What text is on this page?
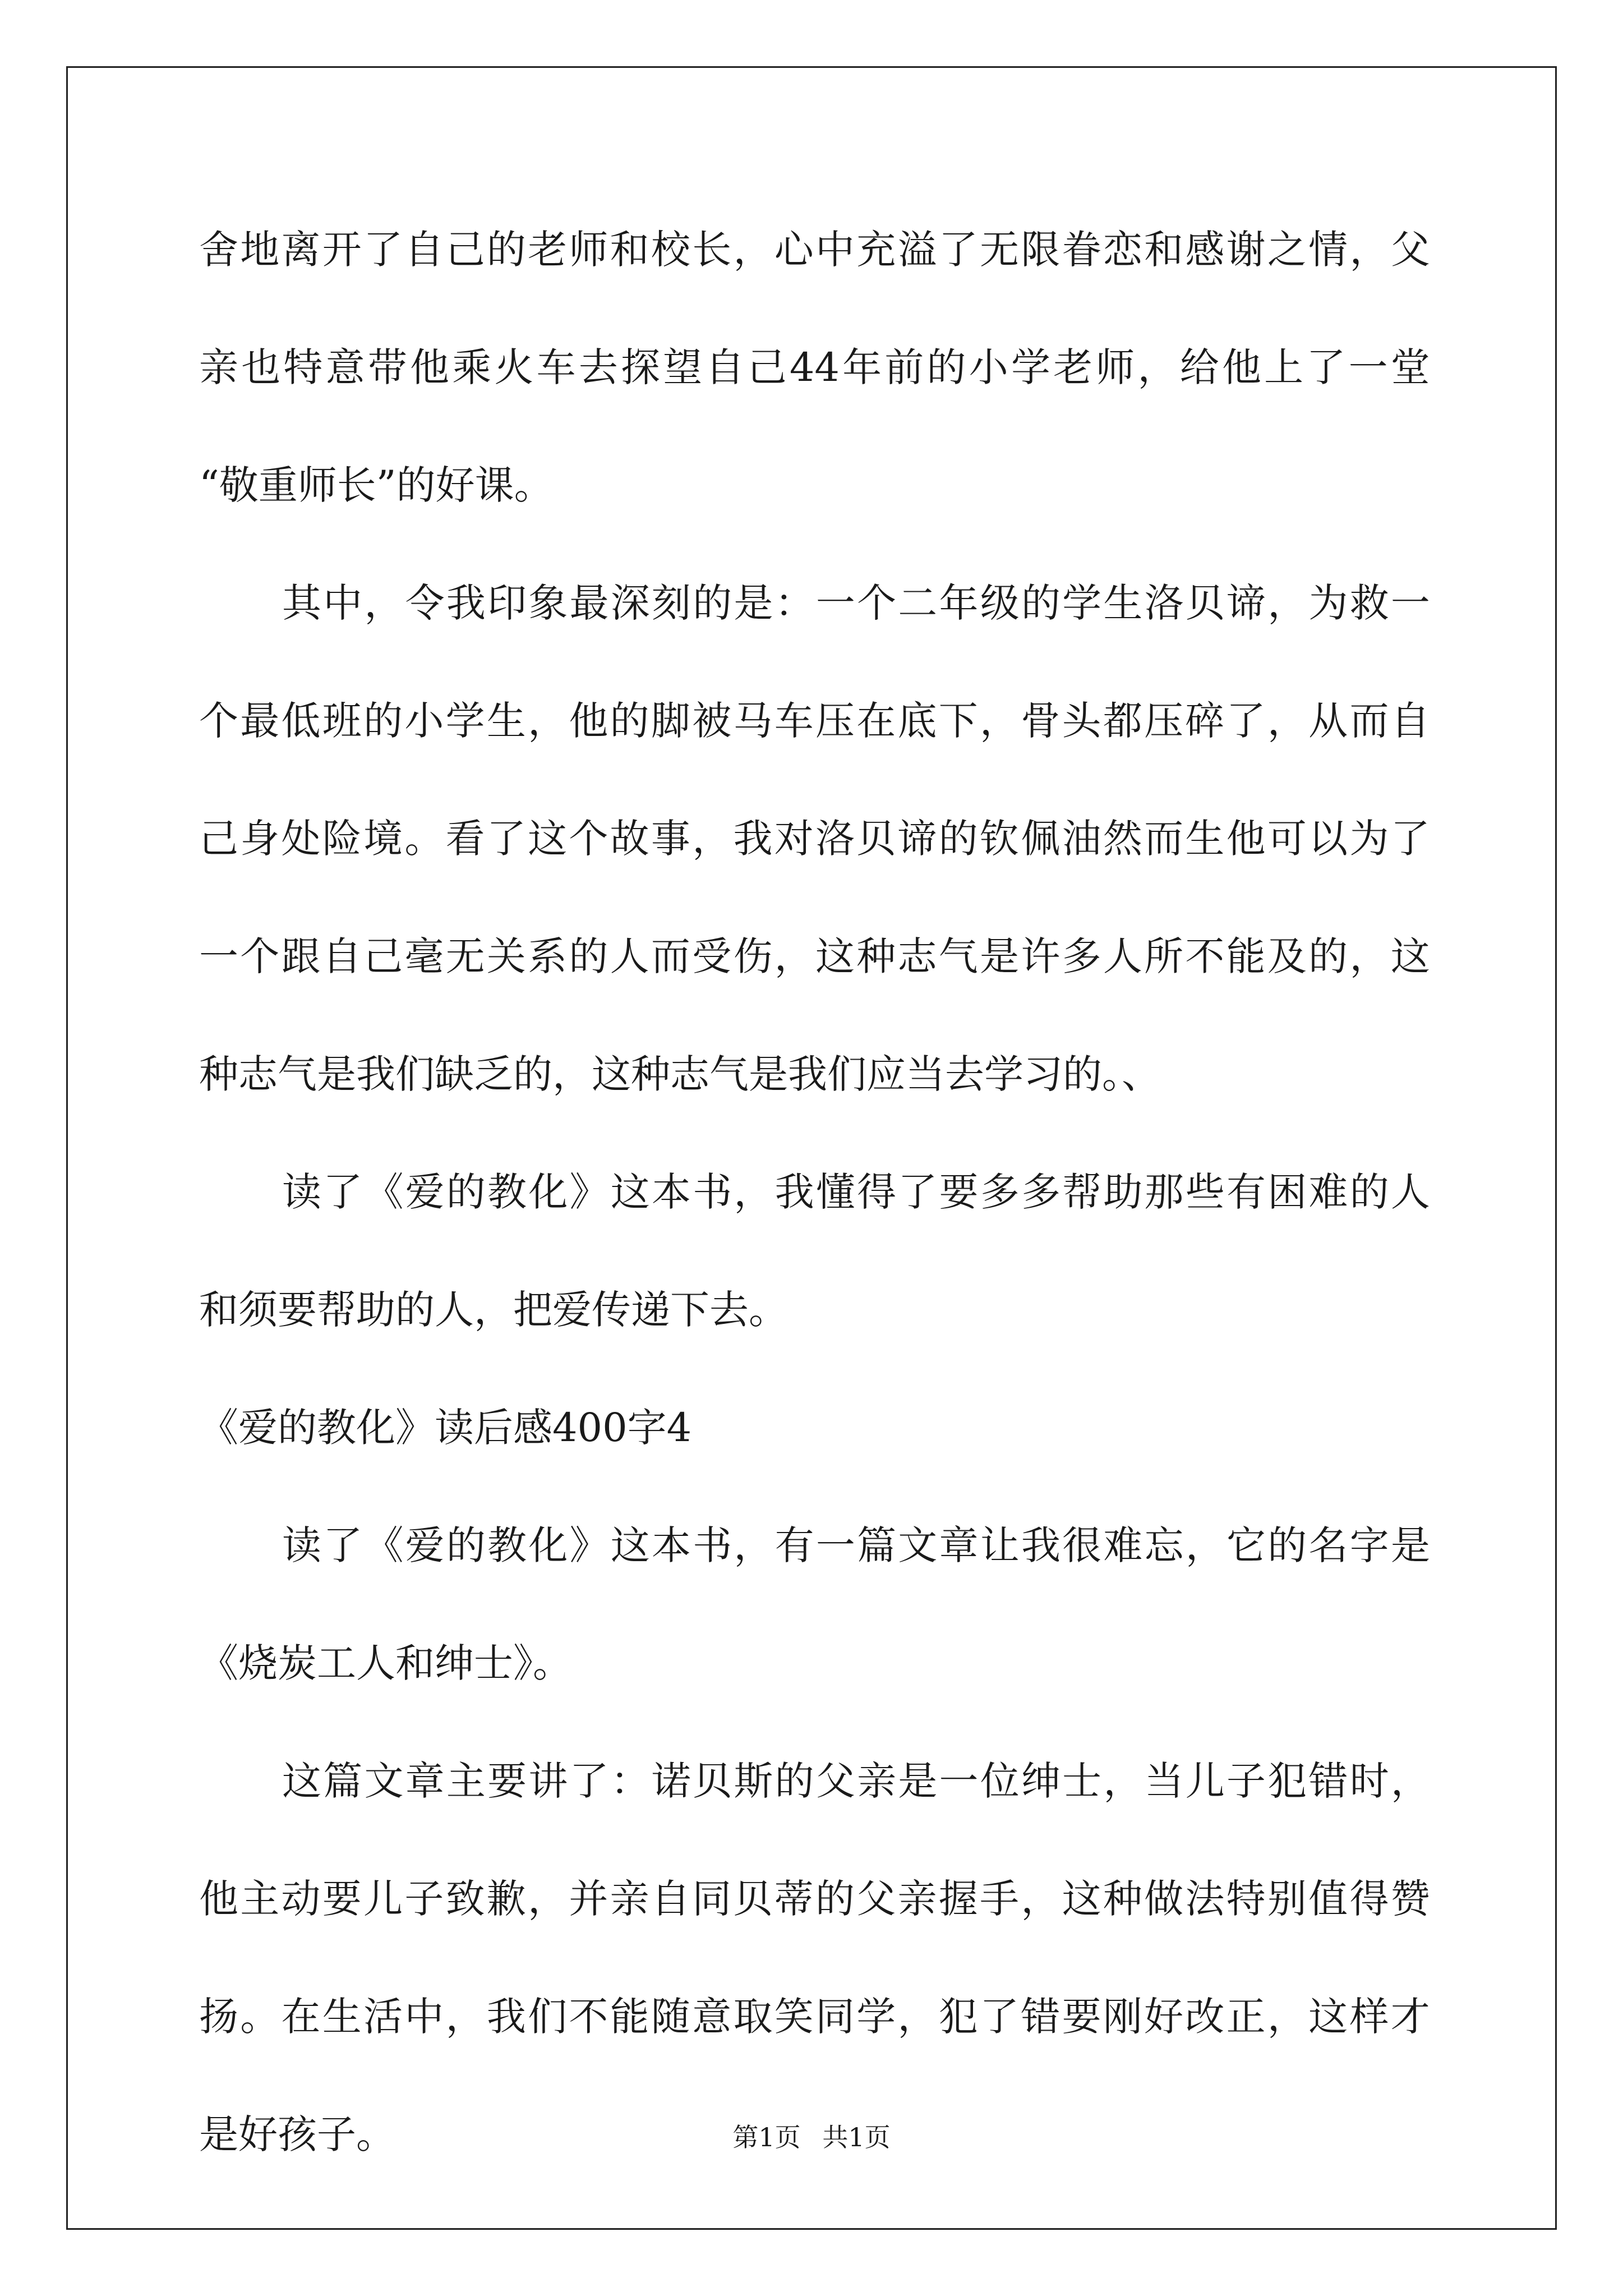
舍 地 离 开 了 自 己 的 老 师 和 校 长 ， 心 中 充 溢 了 无 限 眷 恋 和 感 谢 之 情 ， 父
亲 也 特 意 带 他 乘 火 车 去 探 望 自 己 44 年 前 的 小 学 老 师 ， 给 他 上 了 一 堂
“敬重师长”的好课。
其 中 ， 令 我 印 象 最 深 刻 的 是 ： 一 个 二 年 级 的 学 生 洛 贝 谛 ， 为 救 一
个 最 低 班 的 小 学 生 ， 他 的 脚 被 马 车 压 在 底 下 ， 骨 头 都 压 碎 了 ， 从 而 自
己 身 处 险 境 。 看 了 这 个 故 事 ， 我 对 洛 贝 谛 的 钦 佩 油 然 而 生 他 可 以 为 了
一 个 跟 自 己 毫 无 关 系 的 人 而 受 伤 ， 这 种 志 气 是 许 多 人 所 不 能 及 的 ， 这
种志气是我们缺乏的，这种志气是我们应当去学习的。、
读 了 《 爱 的 教 化 》 这 本 书 ， 我 懂 得 了 要 多 多 帮 助 那 些 有 困 难 的 人
和须要帮助的人，把爱传递下去。
《爱的教化》读后感400字4
读 了 《 爱 的 教 化 》 这 本 书 ， 有 一 篇 文 章 让 我 很 难 忘 ， 它 的 名 字 是
《烧炭工人和绅士》。
这 篇 文 章 主 要 讲 了 ： 诺 贝 斯 的 父 亲 是 一 位 绅 士 ， 当 儿 子 犯 错 时 ，
他 主 动 要 儿 子 致 歉 ， 并 亲 自 同 贝 蒂 的 父 亲 握 手 ， 这 种 做 法 特 别 值 得 赞
扬 。 在 生 活 中 ， 我 们 不 能 随 意 取 笑 同 学 ， 犯 了 错 要 刚 好 改 正 ， 这 样 才
是好孩子。	第1页 共1页
